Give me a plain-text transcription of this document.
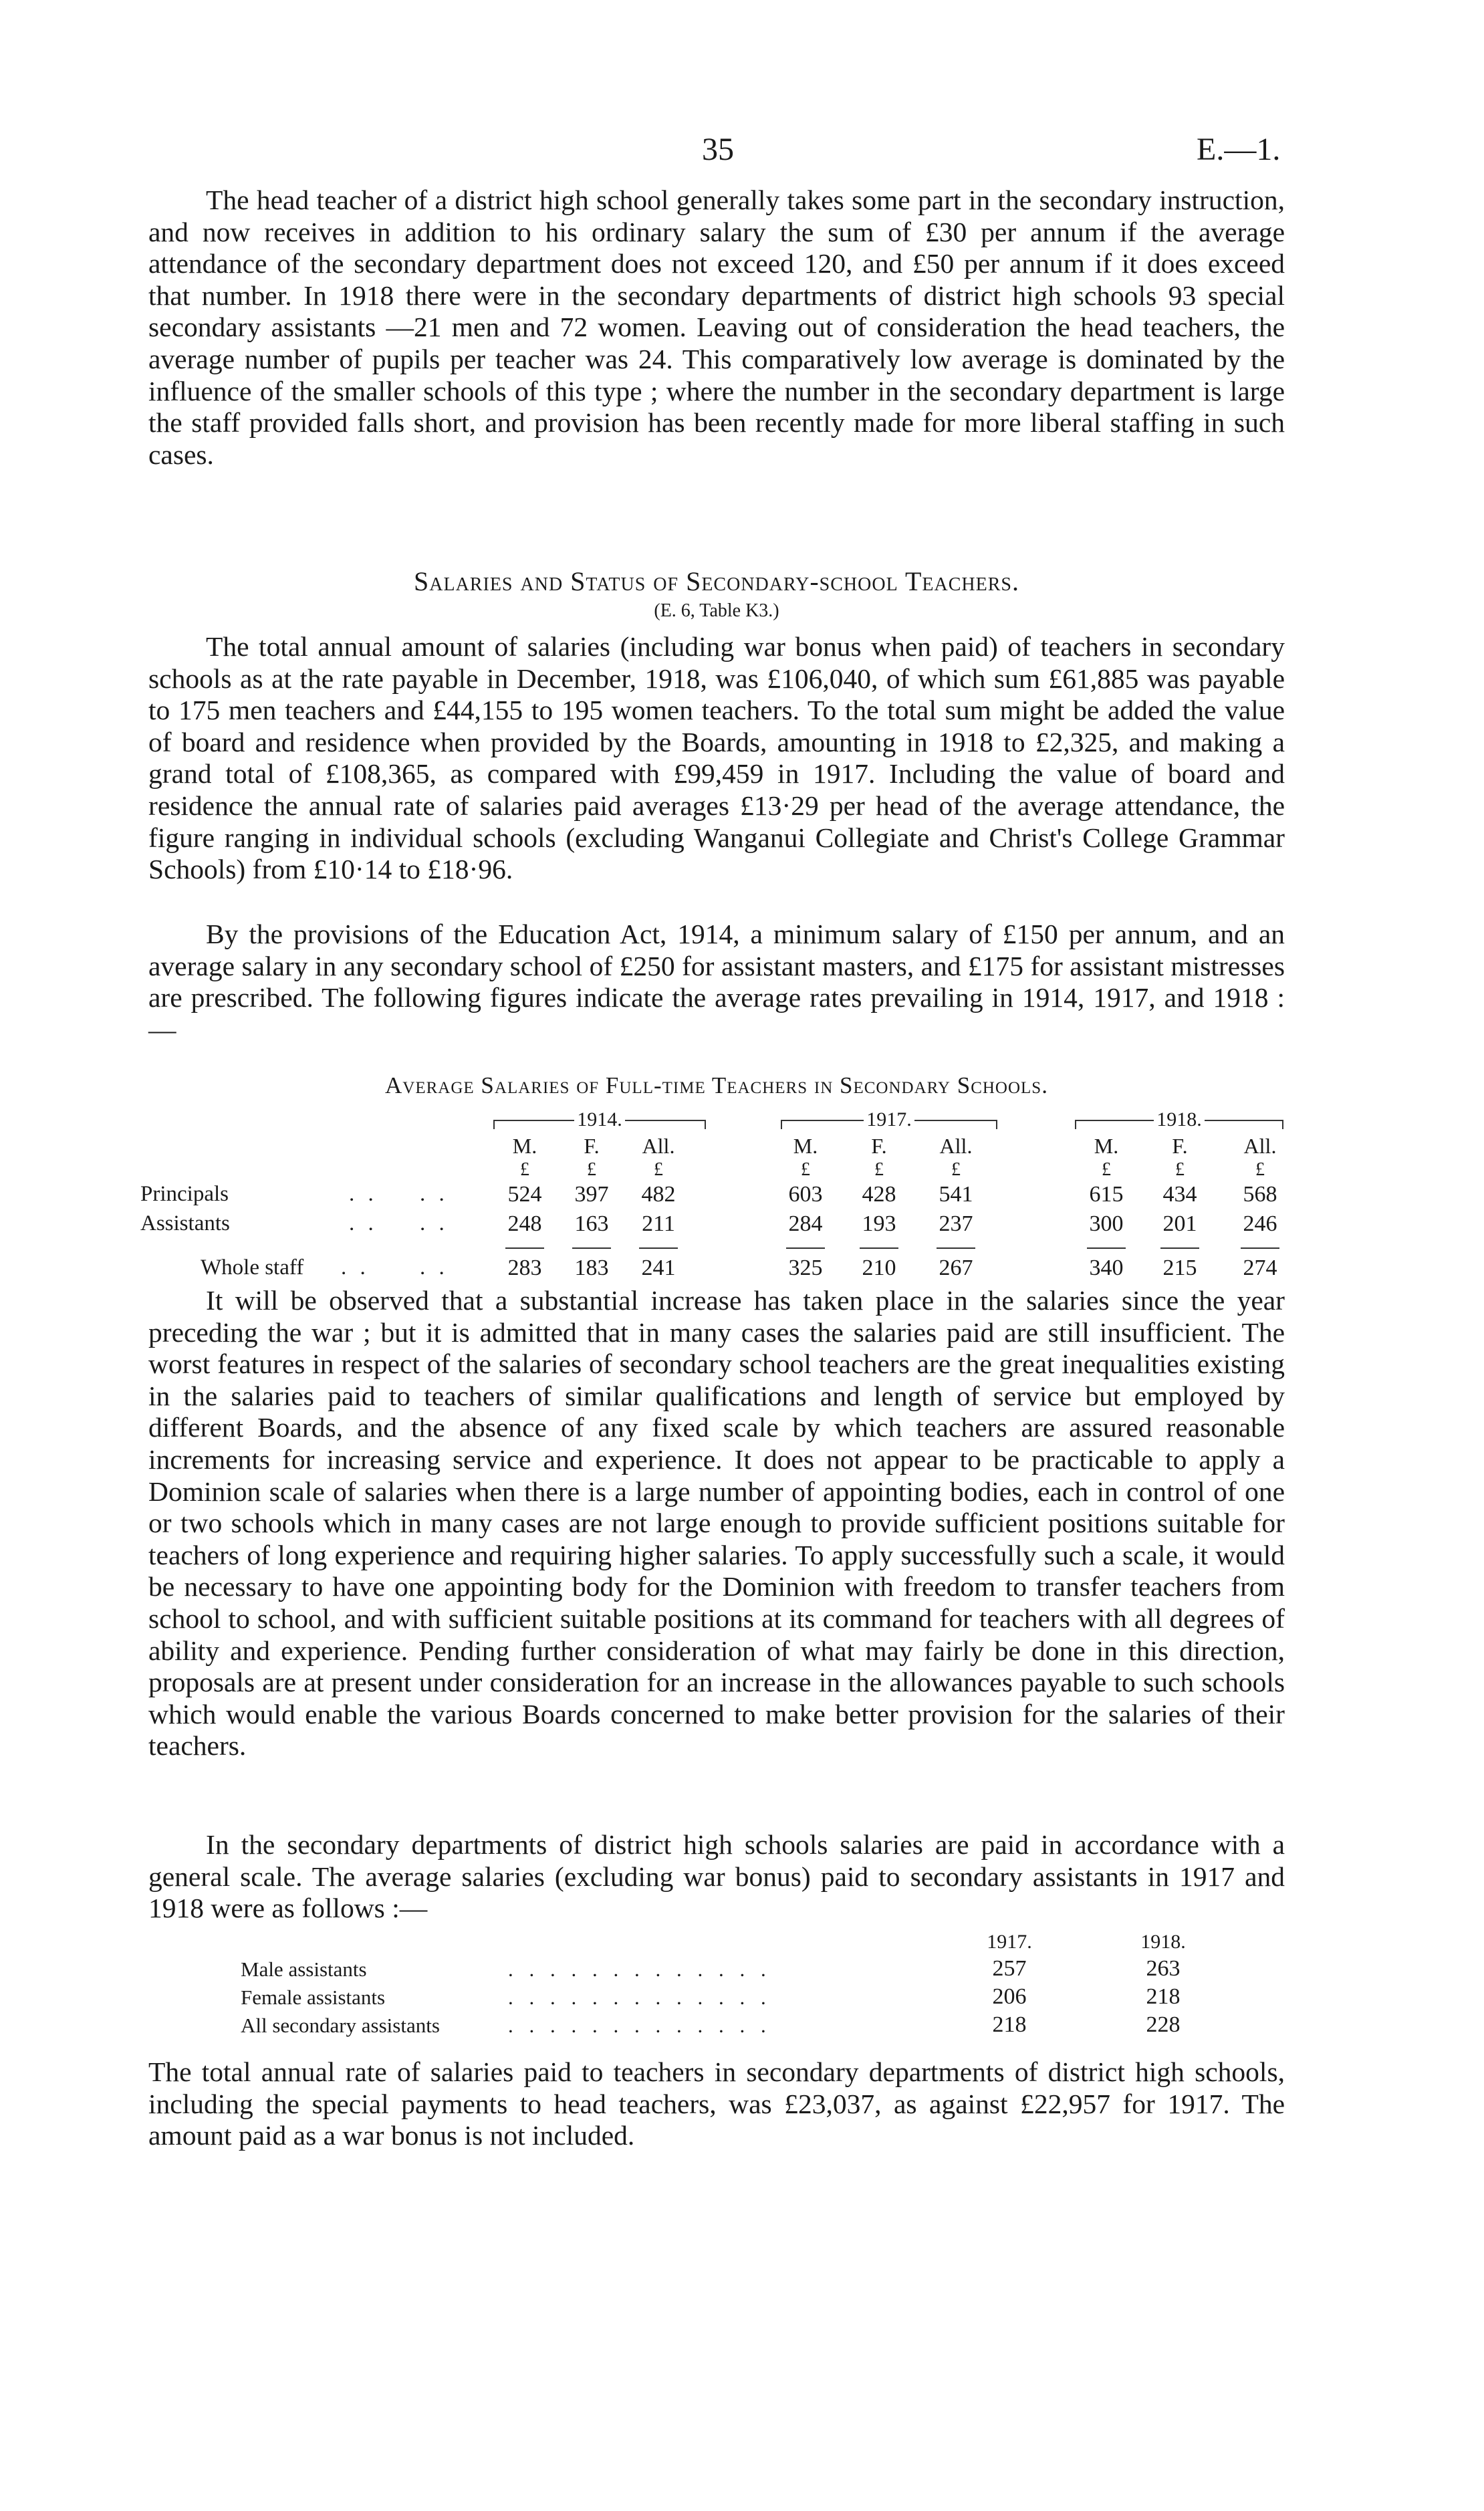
35	E.—1.

The head teacher of a district high school generally takes some part in the secondary instruction, and now receives in addition to his ordinary salary the sum of £30 per annum if the average attendance of the secondary department does not exceed 120, and £50 per annum if it does exceed that number. In 1918 there were in the secondary departments of district high schools 93 special secondary assistants —21 men and 72 women. Leaving out of consideration the head teachers, the average number of pupils per teacher was 24. This comparatively low average is dominated by the influence of the smaller schools of this type ; where the number in the secondary department is large the staff provided falls short, and provision has been recently made for more liberal staffing in such cases.

Salaries and Status of Secondary-school Teachers.

(E. 6, Table K3.)

The total annual amount of salaries (including war bonus when paid) of teachers in secondary schools as at the rate payable in December, 1918, was £106,040, of which sum £61,885 was payable to 175 men teachers and £44,155 to 195 women teachers. To the total sum might be added the value of board and residence when provided by the Boards, amounting in 1918 to £2,325, and making a grand total of £108,365, as compared with £99,459 in 1917. Including the value of board and residence the annual rate of salaries paid averages £13·29 per head of the average attendance, the figure ranging in individual schools (excluding Wanganui Collegiate and Christ's College Grammar Schools) from £10·14 to £18·96.

By the provisions of the Education Act, 1914, a minimum salary of £150 per annum, and an average salary in any secondary school of £250 for assistant masters, and £175 for assistant mistresses are prescribed. The following figures indicate the average rates prevailing in 1914, 1917, and 1918 :—

Average Salaries of Full-time Teachers in Secondary Schools.

1914.	1917.	1918.
M.	F.	All.	M.	F.	All.	M.	F.	All.
£	£	£	£	£	£	£	£	£
Principals	. . . .	524	397	482	603	428	541	615	434	568
Assistants	. . . .	248	163	211	284	193	237	300	201	246
Whole staff . . . .	283	183	241	325	210	267	340	215	274

It will be observed that a substantial increase has taken place in the salaries since the year preceding the war ; but it is admitted that in many cases the salaries paid are still insufficient. The worst features in respect of the salaries of secondary school teachers are the great inequalities existing in the salaries paid to teachers of similar qualifications and length of service but employed by different Boards, and the absence of any fixed scale by which teachers are assured reasonable increments for increasing service and experience. It does not appear to be practicable to apply a Dominion scale of salaries when there is a large number of appointing bodies, each in control of one or two schools which in many cases are not large enough to provide sufficient positions suitable for teachers of long experience and requiring higher salaries. To apply successfully such a scale, it would be necessary to have one appointing body for the Dominion with freedom to transfer teachers from school to school, and with sufficient suitable positions at its command for teachers with all degrees of ability and experience. Pending further consideration of what may fairly be done in this direction, proposals are at present under consideration for an increase in the allowances payable to such schools which would enable the various Boards concerned to make better provision for the salaries of their teachers.

In the secondary departments of district high schools salaries are paid in accordance with a general scale. The average salaries (excluding war bonus) paid to secondary assistants in 1917 and 1918 were as follows :—

1917.	1918.
Male assistants	. . . . . . . . . . . . .	257	263
Female assistants	. . . . . . . . . . . . .	206	218
All secondary assistants	. . . . . . . . . . . . .	218	228

The total annual rate of salaries paid to teachers in secondary departments of district high schools, including the special payments to head teachers, was £23,037, as against £22,957 for 1917. The amount paid as a war bonus is not included.
